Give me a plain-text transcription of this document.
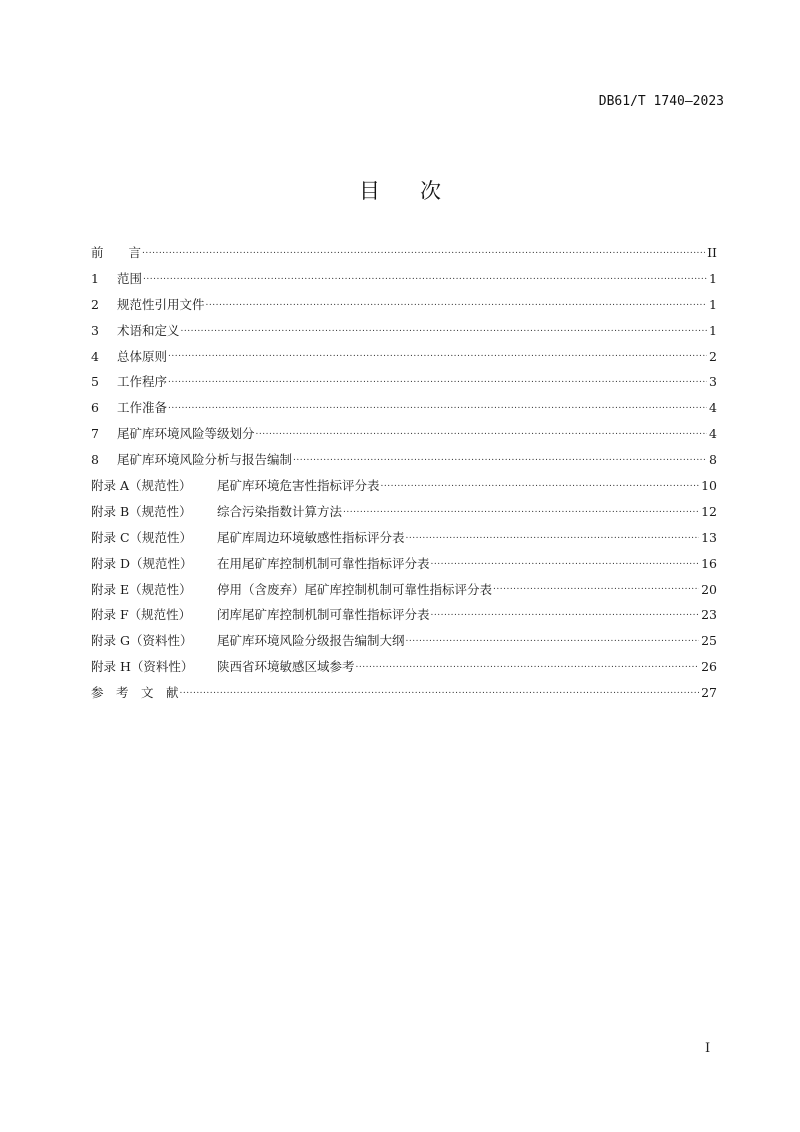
DB61/T 1740—2023
目 次
前　　言 .....	II
1	范围 .....	1
2	规范性引用文件 .....	1
3	术语和定义 .....	1
4	总体原则 .....	2
5	工作程序 .....	3
6	工作准备 .....	4
7	尾矿库环境风险等级划分 .....	4
8	尾矿库环境风险分析与报告编制 .....	8
附录 A（规范性）	尾矿库环境危害性指标评分表 .....	10
附录 B（规范性）	综合污染指数计算方法 .....	12
附录 C（规范性）	尾矿库周边环境敏感性指标评分表 .....	13
附录 D（规范性）	在用尾矿库控制机制可靠性指标评分表 .....	16
附录 E（规范性）	停用（含废弃）尾矿库控制机制可靠性指标评分表 .....	20
附录 F（规范性）	闭库尾矿库控制机制可靠性指标评分表 .....	23
附录 G（资料性）	尾矿库环境风险分级报告编制大纲 .....	25
附录 H（资料性）	陕西省环境敏感区域参考 .....	26
参　考　文　献 .....	27
I
